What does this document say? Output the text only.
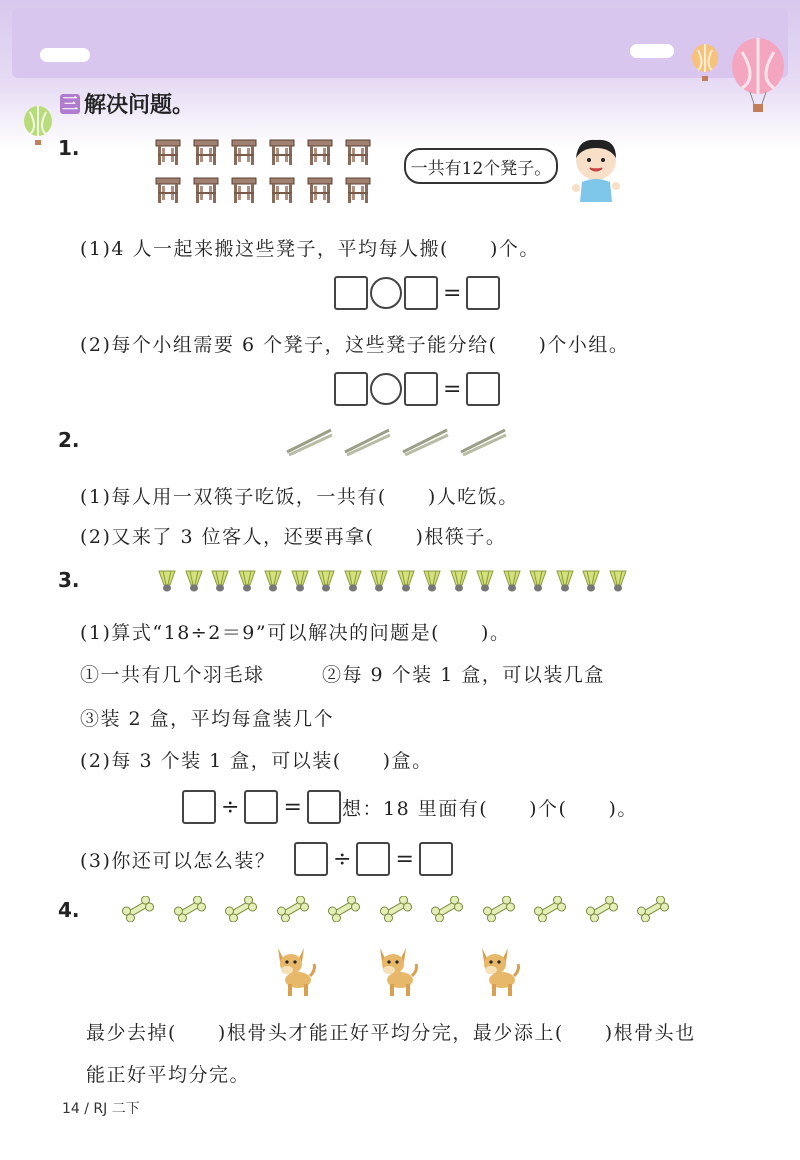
三 解决问题。
1.
一共有12个凳子。
(1)4 人一起来搬这些凳子，平均每人搬(　　)个。
=
(2)每个小组需要 6 个凳子，这些凳子能分给(　　)个小组。
=
2.
(1)每人用一双筷子吃饭，一共有(　　)人吃饭。
(2)又来了 3 位客人，还要再拿(　　)根筷子。
3.
(1)算式“18÷2＝9”可以解决的问题是(　　)。
①一共有几个羽毛球	②每 9 个装 1 盒，可以装几盒
③装 2 盒，平均每盒装几个
(2)每 3 个装 1 盒，可以装(　　)盒。
÷ = 想：18 里面有(　　)个(　　)。
(3)你还可以怎么装？	÷ =
4.
最少去掉(　　)根骨头才能正好平均分完，最少添上(　　)根骨头也
能正好平均分完。
14 / RJ 二下
